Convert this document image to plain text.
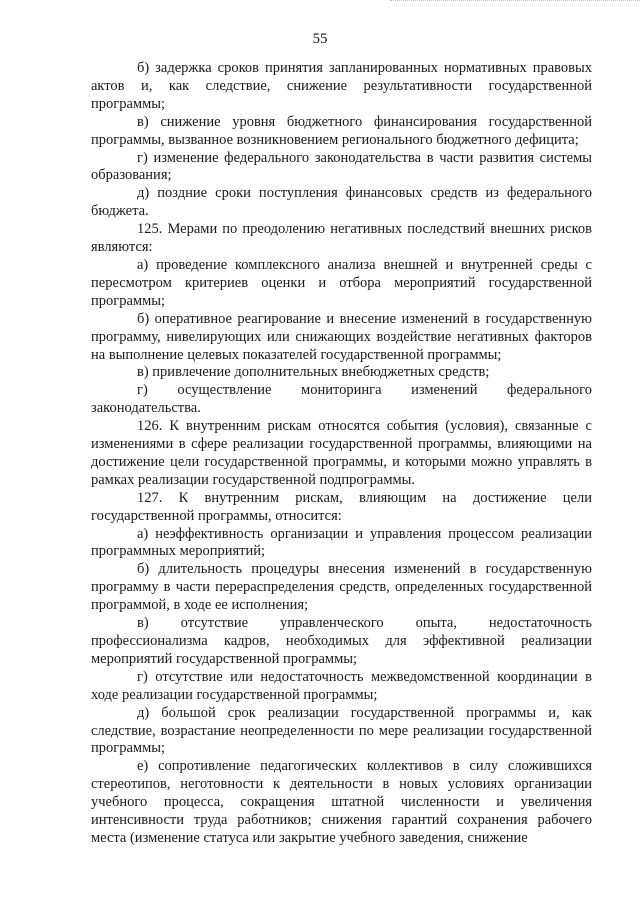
55

б) задержка сроков принятия запланированных нормативных правовых актов и, как следствие, снижение результативности государственной программы;

в) снижение уровня бюджетного финансирования государственной программы, вызванное возникновением регионального бюджетного дефицита;

г) изменение федерального законодательства в части развития системы образования;

д) поздние сроки поступления финансовых средств из федерального бюджета.

125. Мерами по преодолению негативных последствий внешних рисков являются:

а) проведение комплексного анализа внешней и внутренней среды с пересмотром критериев оценки и отбора мероприятий государственной программы;

б) оперативное реагирование и внесение изменений в государственную программу, нивелирующих или снижающих воздействие негативных факторов на выполнение целевых показателей государственной программы;

в) привлечение дополнительных внебюджетных средств;

г) осуществление мониторинга изменений федерального законодательства.

126. К внутренним рискам относятся события (условия), связанные с изменениями в сфере реализации государственной программы, влияющими на достижение цели государственной программы, и которыми можно управлять в рамках реализации государственной подпрограммы.

127. К внутренним рискам, влияющим на достижение цели государственной программы, относится:

а) неэффективность организации и управления процессом реализации программных мероприятий;

б) длительность процедуры внесения изменений в государственную программу в части перераспределения средств, определенных государственной программой, в ходе ее исполнения;

в) отсутствие управленческого опыта, недостаточность профессионализма кадров, необходимых для эффективной реализации мероприятий государственной программы;

г) отсутствие или недостаточность межведомственной координации в ходе реализации государственной программы;

д) большой срок реализации государственной программы и, как следствие, возрастание неопределенности по мере реализации государственной программы;

е) сопротивление педагогических коллективов в силу сложившихся стереотипов, неготовности к деятельности в новых условиях организации учебного процесса, сокращения штатной численности и увеличения интенсивности труда работников; снижения гарантий сохранения рабочего места (изменение статуса или закрытие учебного заведения, снижение
